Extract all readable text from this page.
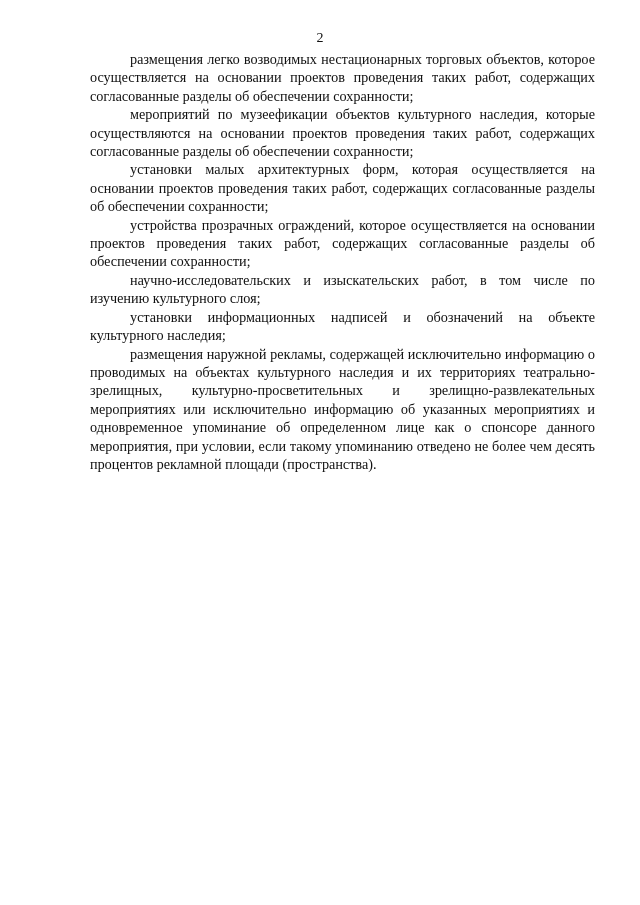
2

размещения легко возводимых нестационарных торговых объектов, которое осуществляется на основании проектов проведения таких работ, содержащих согласованные разделы об обеспечении сохранности;

мероприятий по музеефикации объектов культурного наследия, которые осуществляются на основании проектов проведения таких работ, содержащих согласованные разделы об обеспечении сохранности;

установки малых архитектурных форм, которая осуществляется на основании проектов проведения таких работ, содержащих согласованные разделы об обеспечении сохранности;

устройства прозрачных ограждений, которое осуществляется на основании проектов проведения таких работ, содержащих согласованные разделы об обеспечении сохранности;

научно-исследовательских и изыскательских работ, в том числе по изучению культурного слоя;

установки информационных надписей и обозначений на объекте культурного наследия;

размещения наружной рекламы, содержащей исключительно информацию о проводимых на объектах культурного наследия и их территориях театрально-зрелищных, культурно-просветительных и зрелищно-развлекательных мероприятиях или исключительно информацию об указанных мероприятиях и одновременное упоминание об определенном лице как о спонсоре данного мероприятия, при условии, если такому упоминанию отведено не более чем десять процентов рекламной площади (пространства).
